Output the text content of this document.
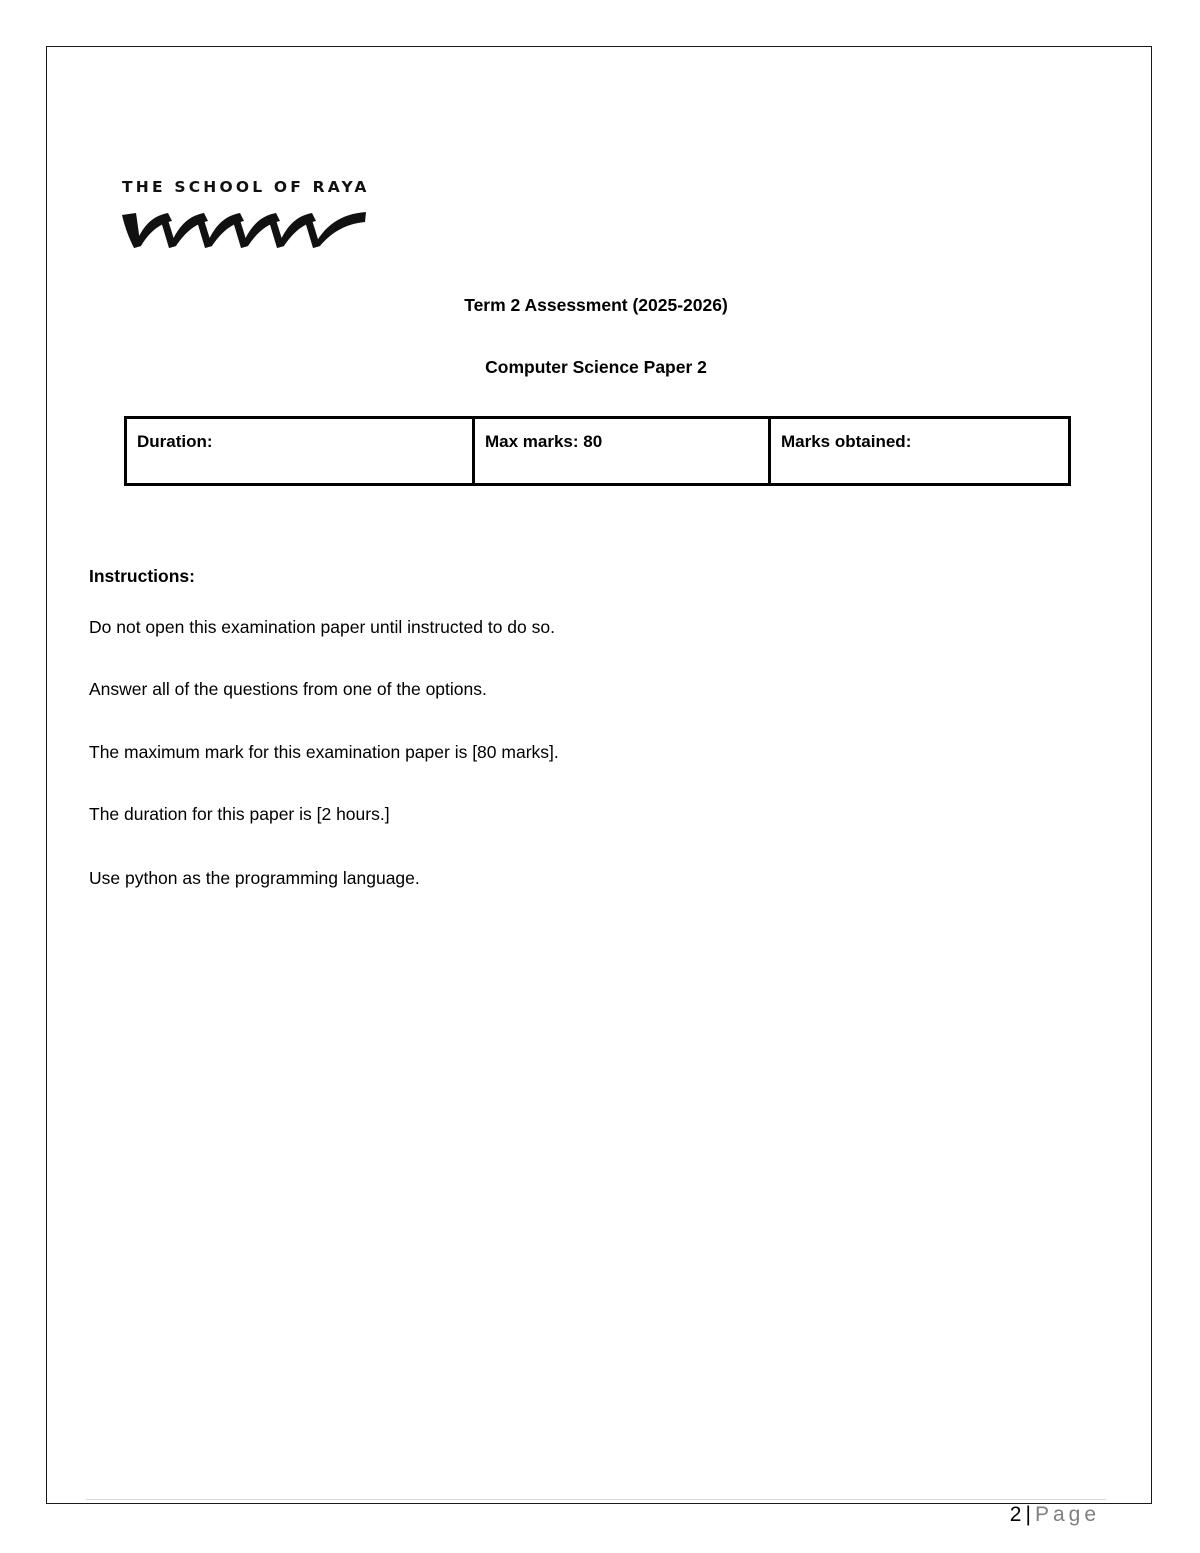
THE SCHOOL OF RAYA
Term 2 Assessment (2025-2026)
Computer Science Paper 2
Duration:	Max marks: 80	Marks obtained:
Instructions:
Do not open this examination paper until instructed to do so.
Answer all of the questions from one of the options.
The maximum mark for this examination paper is [80 marks].
The duration for this paper is [2 hours.]
Use python as the programming language.
2 | Page
